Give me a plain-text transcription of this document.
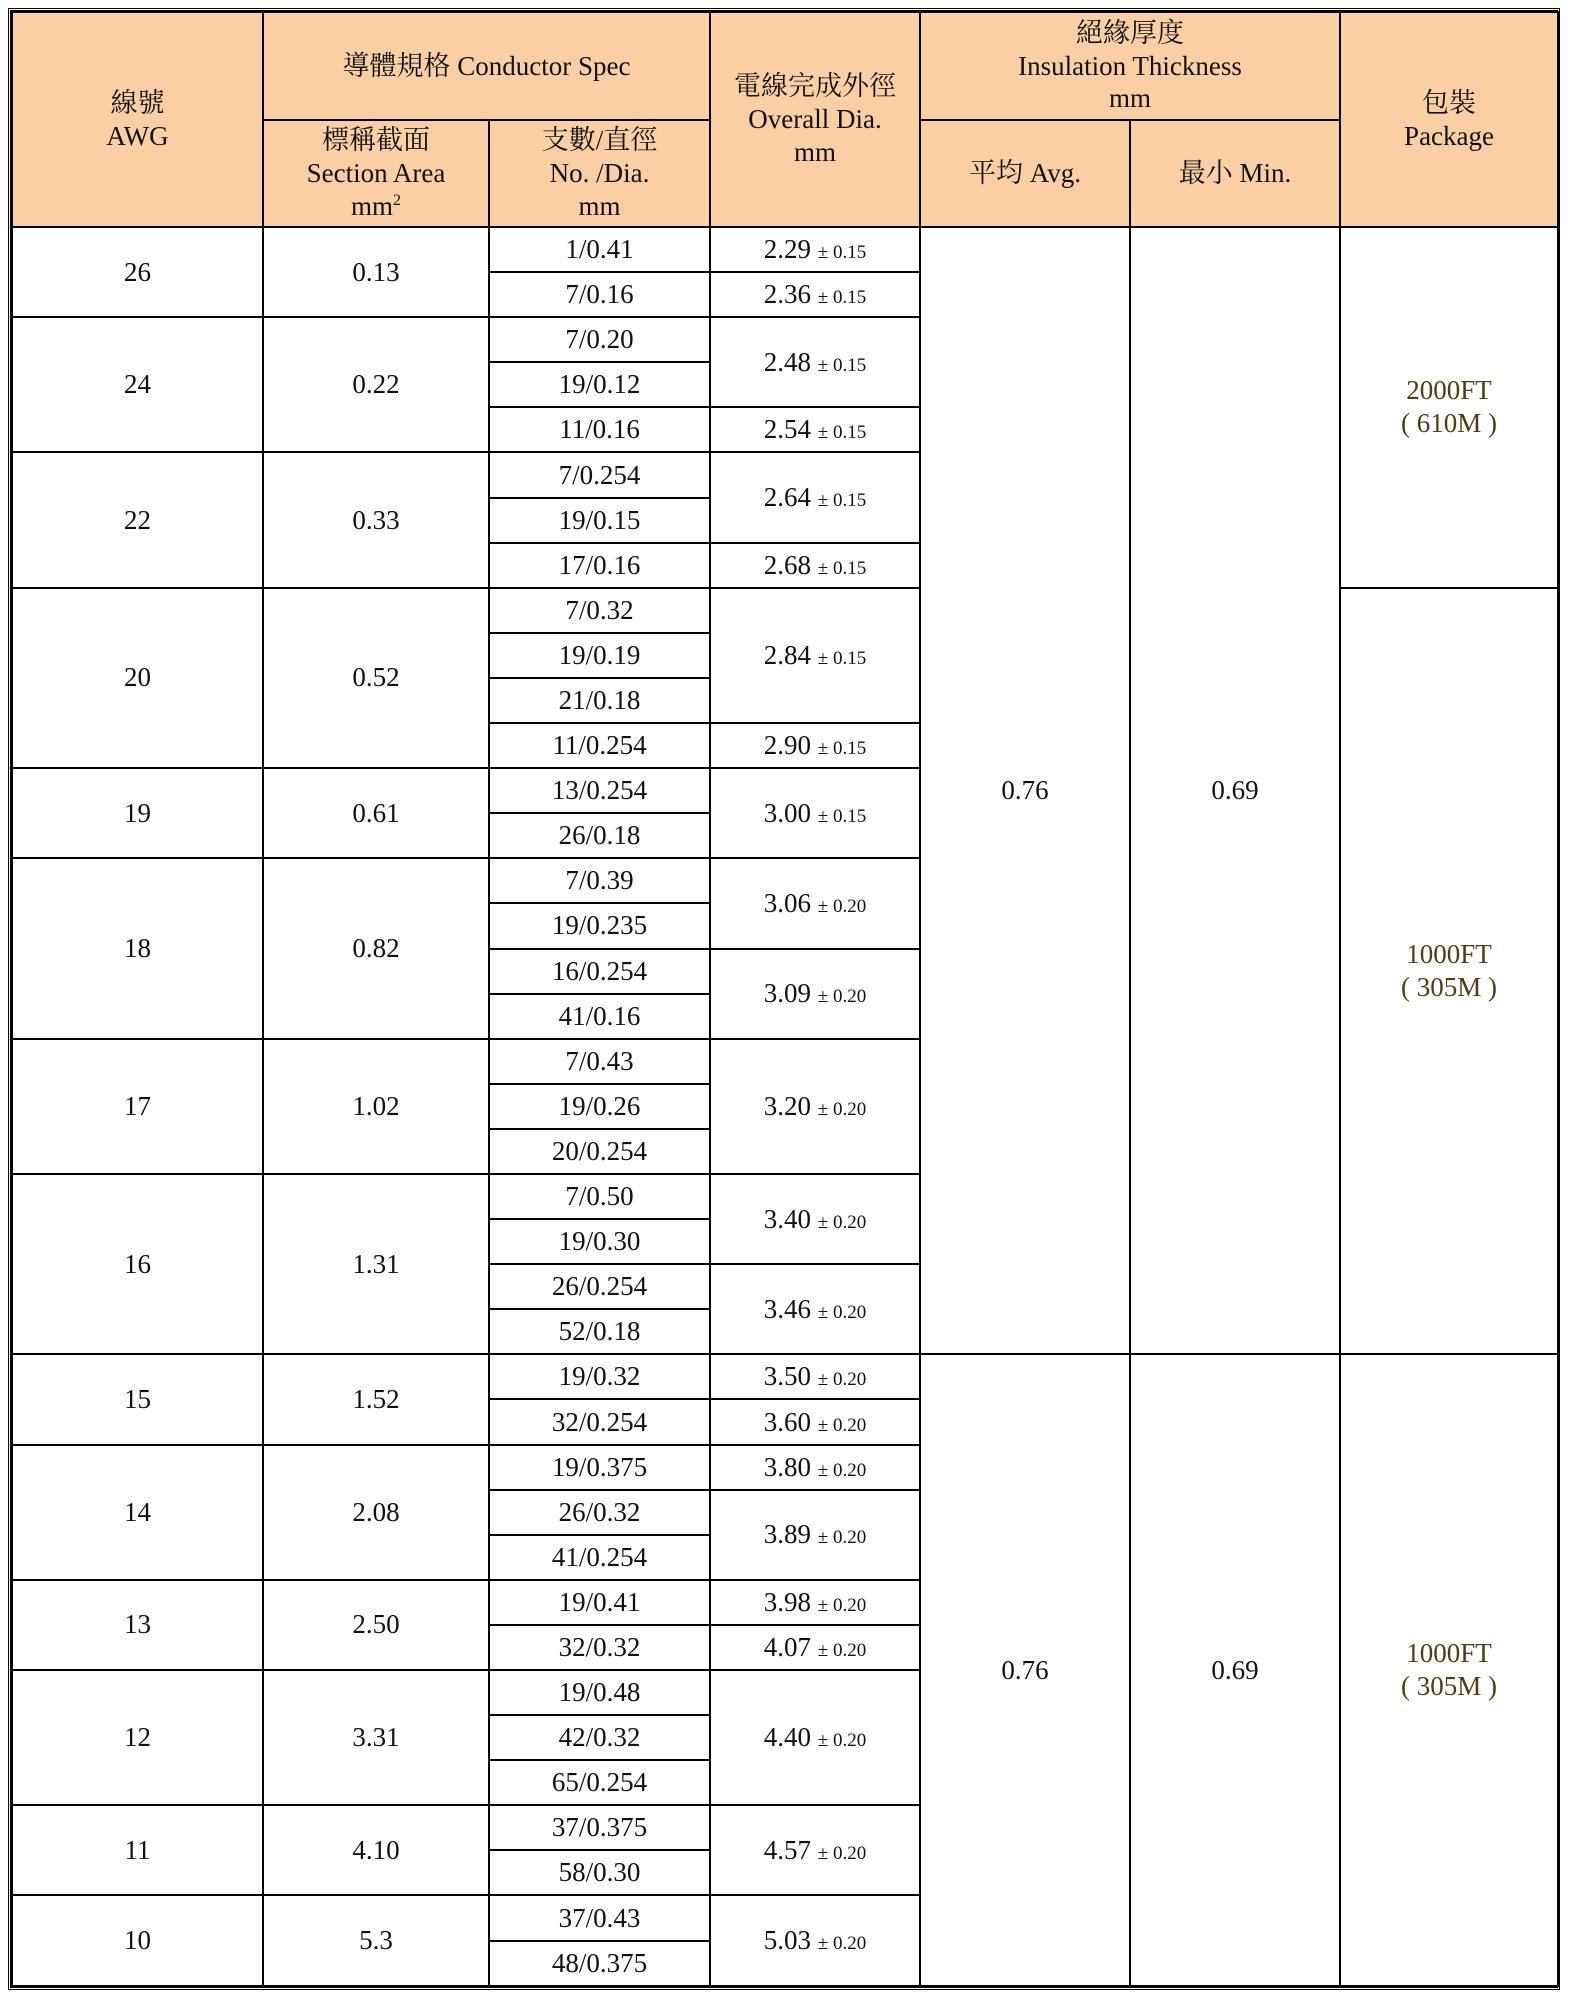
線號
AWG	導體規格 Conductor Spec		電線完成外徑
Overall Dia.
mm	絕緣厚度
Insulation Thickness
mm		包裝
Package
	標稱截面
Section Area
$mm^2$	支數/直徑
No. /Dia.
mm		平均 Avg.	最小 Min.	
26	0.13	1/0.41	2.29 ± 0.15	0.76	0.69	2000FT
( 610M )
		7/0.16	2.36 ± 0.15			
24	0.22	7/0.20	2.48 ± 0.15			
		19/0.12				
		11/0.16	2.54 ± 0.15			
22	0.33	7/0.254	2.64 ± 0.15			
		19/0.15				
		17/0.16	2.68 ± 0.15			
20	0.52	7/0.32	2.84 ± 0.15			1000FT
( 305M )
		19/0.19				
		21/0.18				
		11/0.254	2.90 ± 0.15			
19	0.61	13/0.254	3.00 ± 0.15			
		26/0.18				
18	0.82	7/0.39	3.06 ± 0.20			
		19/0.235				
		16/0.254	3.09 ± 0.20			
		41/0.16				
17	1.02	7/0.43	3.20 ± 0.20			
		19/0.26				
		20/0.254				
16	1.31	7/0.50	3.40 ± 0.20			
		19/0.30				
		26/0.254	3.46 ± 0.20			
		52/0.18				
15	1.52	19/0.32	3.50 ± 0.20	0.76	0.69	1000FT
( 305M )
		32/0.254	3.60 ± 0.20			
14	2.08	19/0.375	3.80 ± 0.20			
		26/0.32	3.89 ± 0.20			
		41/0.254				
13	2.50	19/0.41	3.98 ± 0.20			
		32/0.32	4.07 ± 0.20			
12	3.31	19/0.48	4.40 ± 0.20			
		42/0.32				
		65/0.254				
11	4.10	37/0.375	4.57 ± 0.20			
		58/0.30				
10	5.3	37/0.43	5.03 ± 0.20			
		48/0.375				
